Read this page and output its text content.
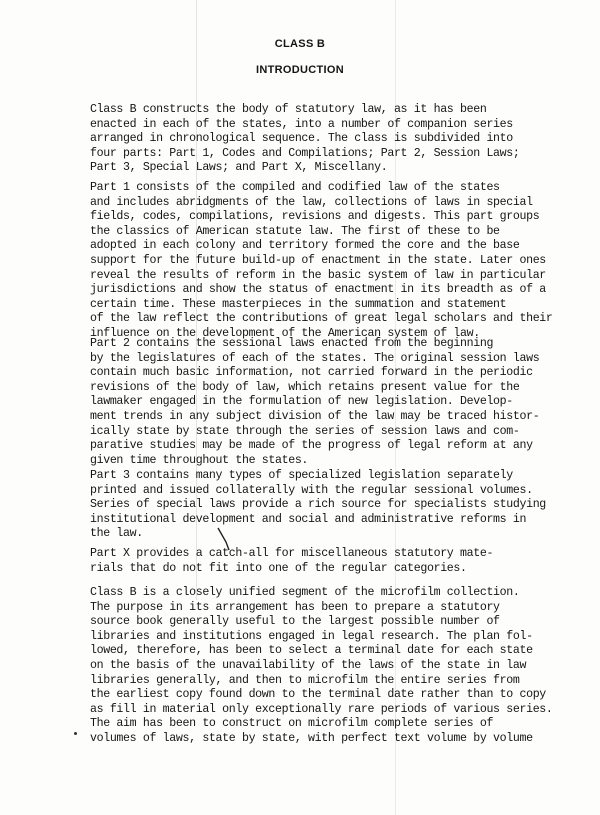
CLASS B
INTRODUCTION
Class B constructs the body of statutory law, as it has been
enacted in each of the states, into a number of companion series
arranged in chronological sequence. The class is subdivided into
four parts: Part 1, Codes and Compilations; Part 2, Session Laws;
Part 3, Special Laws; and Part X, Miscellany.
Part 1 consists of the compiled and codified law of the states
and includes abridgments of the law, collections of laws in special
fields, codes, compilations, revisions and digests. This part groups
the classics of American statute law. The first of these to be
adopted in each colony and territory formed the core and the base
support for the future build-up of enactment in the state. Later ones
reveal the results of reform in the basic system of law in particular
jurisdictions and show the status of enactment in its breadth as of a
certain time. These masterpieces in the summation and statement
of the law reflect the contributions of great legal scholars and their
influence on the development of the American system of law.
Part 2 contains the sessional laws enacted from the beginning
by the legislatures of each of the states. The original session laws
contain much basic information, not carried forward in the periodic
revisions of the body of law, which retains present value for the
lawmaker engaged in the formulation of new legislation. Develop-
ment trends in any subject division of the law may be traced histor-
ically state by state through the series of session laws and com-
parative studies may be made of the progress of legal reform at any
given time throughout the states.
Part 3 contains many types of specialized legislation separately
printed and issued collaterally with the regular sessional volumes.
Series of special laws provide a rich source for specialists studying
institutional development and social and administrative reforms in
the law.
Part X provides a catch-all for miscellaneous statutory mate-
rials that do not fit into one of the regular categories.
Class B is a closely unified segment of the microfilm collection.
The purpose in its arrangement has been to prepare a statutory
source book generally useful to the largest possible number of
libraries and institutions engaged in legal research. The plan fol-
lowed, therefore, has been to select a terminal date for each state
on the basis of the unavailability of the laws of the state in law
libraries generally, and then to microfilm the entire series from
the earliest copy found down to the terminal date rather than to copy
as fill in material only exceptionally rare periods of various series.
The aim has been to construct on microfilm complete series of
volumes of laws, state by state, with perfect text volume by volume
